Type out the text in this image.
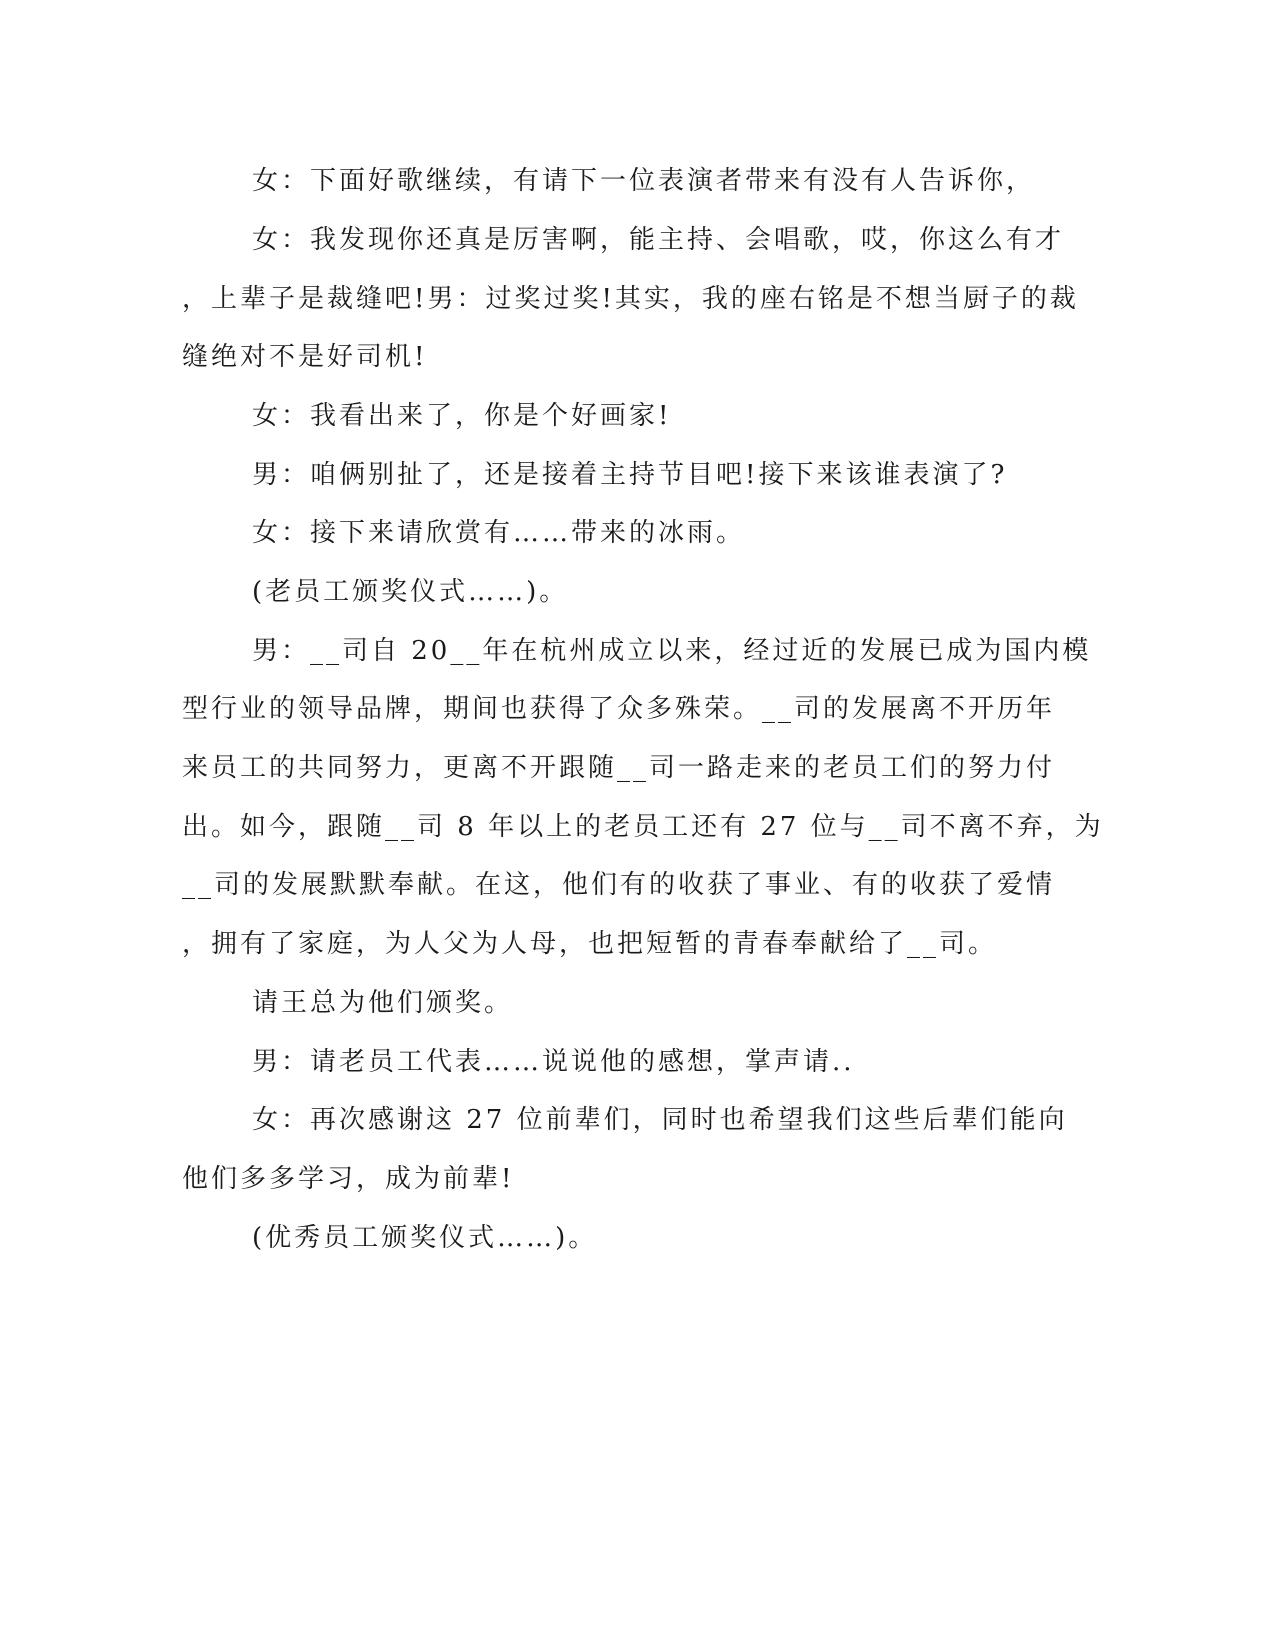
女：下面好歌继续，有请下一位表演者带来有没有人告诉你，
女：我发现你还真是厉害啊，能主持、会唱歌，哎，你这么有才
，上辈子是裁缝吧!男：过奖过奖!其实，我的座右铭是不想当厨子的裁
缝绝对不是好司机!
女：我看出来了，你是个好画家!
男：咱俩别扯了，还是接着主持节目吧!接下来该谁表演了?
女：接下来请欣赏有……带来的冰雨。
(老员工颁奖仪式……)。
男：__司自 20__年在杭州成立以来，经过近的发展已成为国内模
型行业的领导品牌，期间也获得了众多殊荣。__司的发展离不开历年
来员工的共同努力，更离不开跟随__司一路走来的老员工们的努力付
出。如今，跟随__司 8 年以上的老员工还有 27 位与__司不离不弃，为
__司的发展默默奉献。在这，他们有的收获了事业、有的收获了爱情
，拥有了家庭，为人父为人母，也把短暂的青春奉献给了__司。
请王总为他们颁奖。
男：请老员工代表……说说他的感想，掌声请..
女：再次感谢这 27 位前辈们，同时也希望我们这些后辈们能向
他们多多学习，成为前辈!
(优秀员工颁奖仪式……)。
